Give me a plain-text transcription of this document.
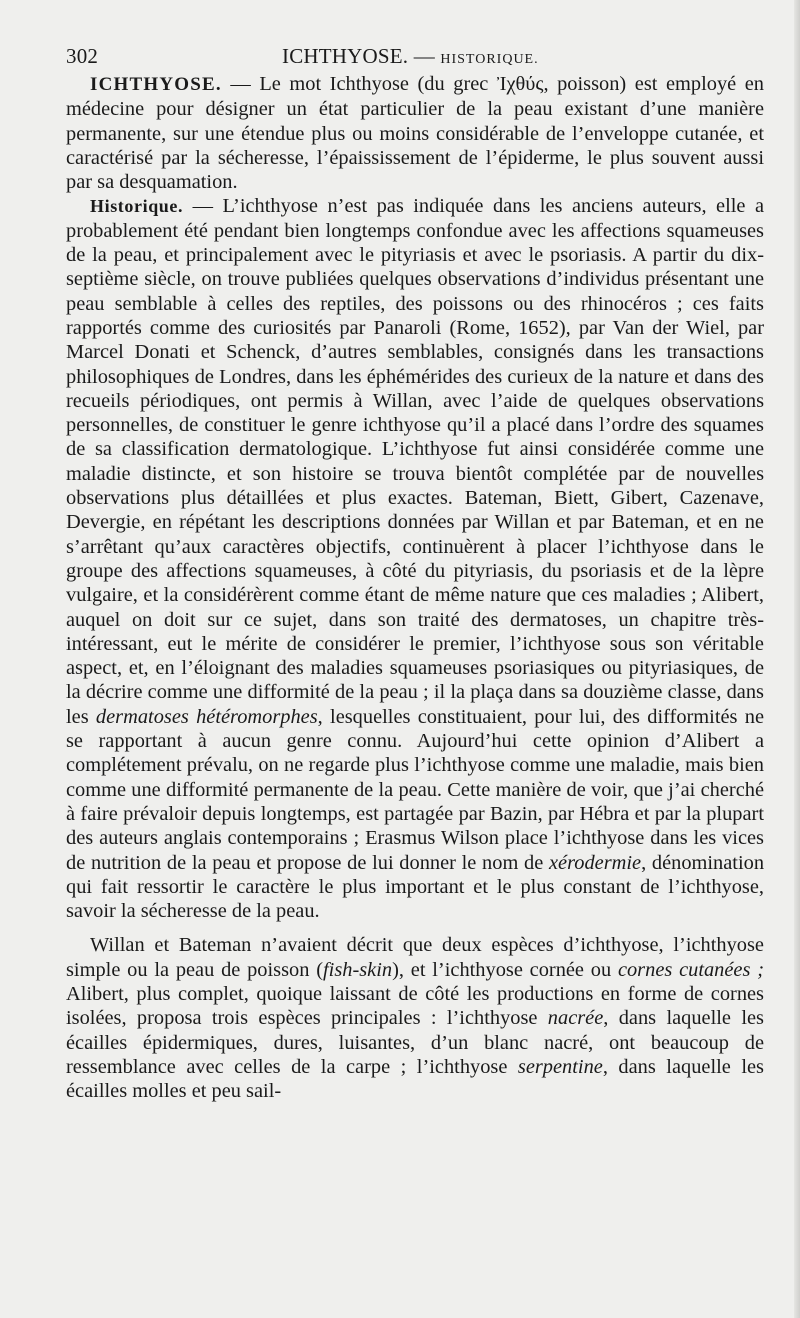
302	ICHTHYOSE. — HISTORIQUE.

ICHTHYOSE. — Le mot Ichthyose (du grec Ἰχθύς, poisson) est employé en médecine pour désigner un état particulier de la peau existant d’une manière permanente, sur une étendue plus ou moins considérable de l’enveloppe cutanée, et caractérisé par la sécheresse, l’épaississement de l’épiderme, le plus souvent aussi par sa desquamation.

Historique. — L’ichthyose n’est pas indiquée dans les anciens auteurs, elle a probablement été pendant bien longtemps confondue avec les affections squameuses de la peau, et principalement avec le pityriasis et avec le psoriasis. A partir du dix-septième siècle, on trouve publiées quelques observations d’individus présentant une peau semblable à celles des reptiles, des poissons ou des rhinocéros ; ces faits rapportés comme des curiosités par Panaroli (Rome, 1652), par Van der Wiel, par Marcel Donati et Schenck, d’autres semblables, consignés dans les transactions philosophiques de Londres, dans les éphémérides des curieux de la nature et dans des recueils périodiques, ont permis à Willan, avec l’aide de quelques observations personnelles, de constituer le genre ichthyose qu’il a placé dans l’ordre des squames de sa classification dermatologique. L’ichthyose fut ainsi considérée comme une maladie distincte, et son histoire se trouva bientôt complétée par de nouvelles observations plus détaillées et plus exactes. Bateman, Biett, Gibert, Cazenave, Devergie, en répétant les descriptions données par Willan et par Bateman, et en ne s’arrêtant qu’aux caractères objectifs, continuèrent à placer l’ichthyose dans le groupe des affections squameuses, à côté du pityriasis, du psoriasis et de la lèpre vulgaire, et la considérèrent comme étant de même nature que ces maladies ; Alibert, auquel on doit sur ce sujet, dans son traité des dermatoses, un chapitre très-intéressant, eut le mérite de considérer le premier, l’ichthyose sous son véritable aspect, et, en l’éloignant des maladies squameuses psoriasiques ou pityriasiques, de la décrire comme une difformité de la peau ; il la plaça dans sa douzième classe, dans les dermatoses hétéromorphes, lesquelles constituaient, pour lui, des difformités ne se rapportant à aucun genre connu. Aujourd’hui cette opinion d’Alibert a complétement prévalu, on ne regarde plus l’ichthyose comme une maladie, mais bien comme une difformité permanente de la peau. Cette manière de voir, que j’ai cherché à faire prévaloir depuis longtemps, est partagée par Bazin, par Hébra et par la plupart des auteurs anglais contemporains ; Erasmus Wilson place l’ichthyose dans les vices de nutrition de la peau et propose de lui donner le nom de xérodermie, dénomination qui fait ressortir le caractère le plus important et le plus constant de l’ichthyose, savoir la sécheresse de la peau.

Willan et Bateman n’avaient décrit que deux espèces d’ichthyose, l’ichthyose simple ou la peau de poisson (fish-skin), et l’ichthyose cornée ou cornes cutanées ; Alibert, plus complet, quoique laissant de côté les productions en forme de cornes isolées, proposa trois espèces principales : l’ichthyose nacrée, dans laquelle les écailles épidermiques, dures, luisantes, d’un blanc nacré, ont beaucoup de ressemblance avec celles de la carpe ; l’ichthyose serpentine, dans laquelle les écailles molles et peu sail-
